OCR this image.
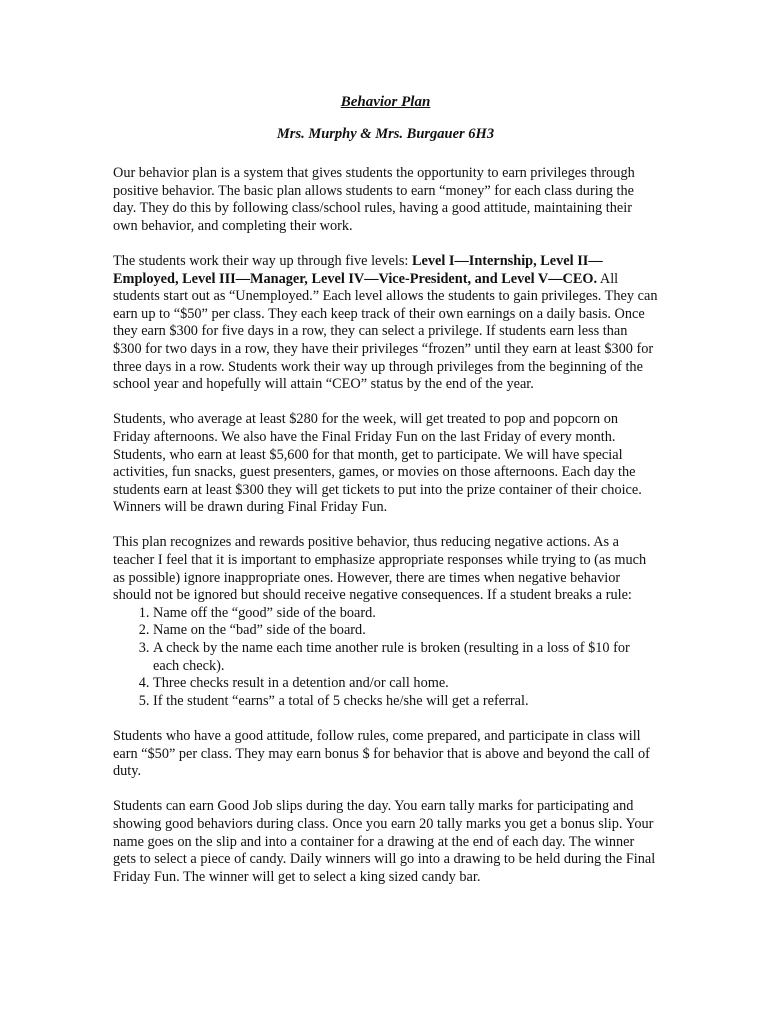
Behavior Plan
Mrs. Murphy & Mrs. Burgauer 6H3

Our behavior plan is a system that gives students the opportunity to earn privileges through positive behavior. The basic plan allows students to earn “money” for each class during the day. They do this by following class/school rules, having a good attitude, maintaining their own behavior, and completing their work.

The students work their way up through five levels: Level I—Internship, Level II—Employed, Level III—Manager, Level IV—Vice-President, and Level V—CEO. All students start out as “Unemployed.” Each level allows the students to gain privileges. They can earn up to “$50” per class. They each keep track of their own earnings on a daily basis. Once they earn $300 for five days in a row, they can select a privilege. If students earn less than $300 for two days in a row, they have their privileges “frozen” until they earn at least $300 for three days in a row. Students work their way up through privileges from the beginning of the school year and hopefully will attain “CEO” status by the end of the year.

Students, who average at least $280 for the week, will get treated to pop and popcorn on Friday afternoons. We also have the Final Friday Fun on the last Friday of every month. Students, who earn at least $5,600 for that month, get to participate. We will have special activities, fun snacks, guest presenters, games, or movies on those afternoons. Each day the students earn at least $300 they will get tickets to put into the prize container of their choice. Winners will be drawn during Final Friday Fun.

This plan recognizes and rewards positive behavior, thus reducing negative actions. As a teacher I feel that it is important to emphasize appropriate responses while trying to (as much as possible) ignore inappropriate ones. However, there are times when negative behavior should not be ignored but should receive negative consequences. If a student breaks a rule:

1. Name off the “good” side of the board.
2. Name on the “bad” side of the board.
3. A check by the name each time another rule is broken (resulting in a loss of $10 for each check).
4. Three checks result in a detention and/or call home.
5. If the student “earns” a total of 5 checks he/she will get a referral.

Students who have a good attitude, follow rules, come prepared, and participate in class will earn “$50” per class. They may earn bonus $ for behavior that is above and beyond the call of duty.

Students can earn Good Job slips during the day. You earn tally marks for participating and showing good behaviors during class. Once you earn 20 tally marks you get a bonus slip. Your name goes on the slip and into a container for a drawing at the end of each day. The winner gets to select a piece of candy. Daily winners will go into a drawing to be held during the Final Friday Fun. The winner will get to select a king sized candy bar.
